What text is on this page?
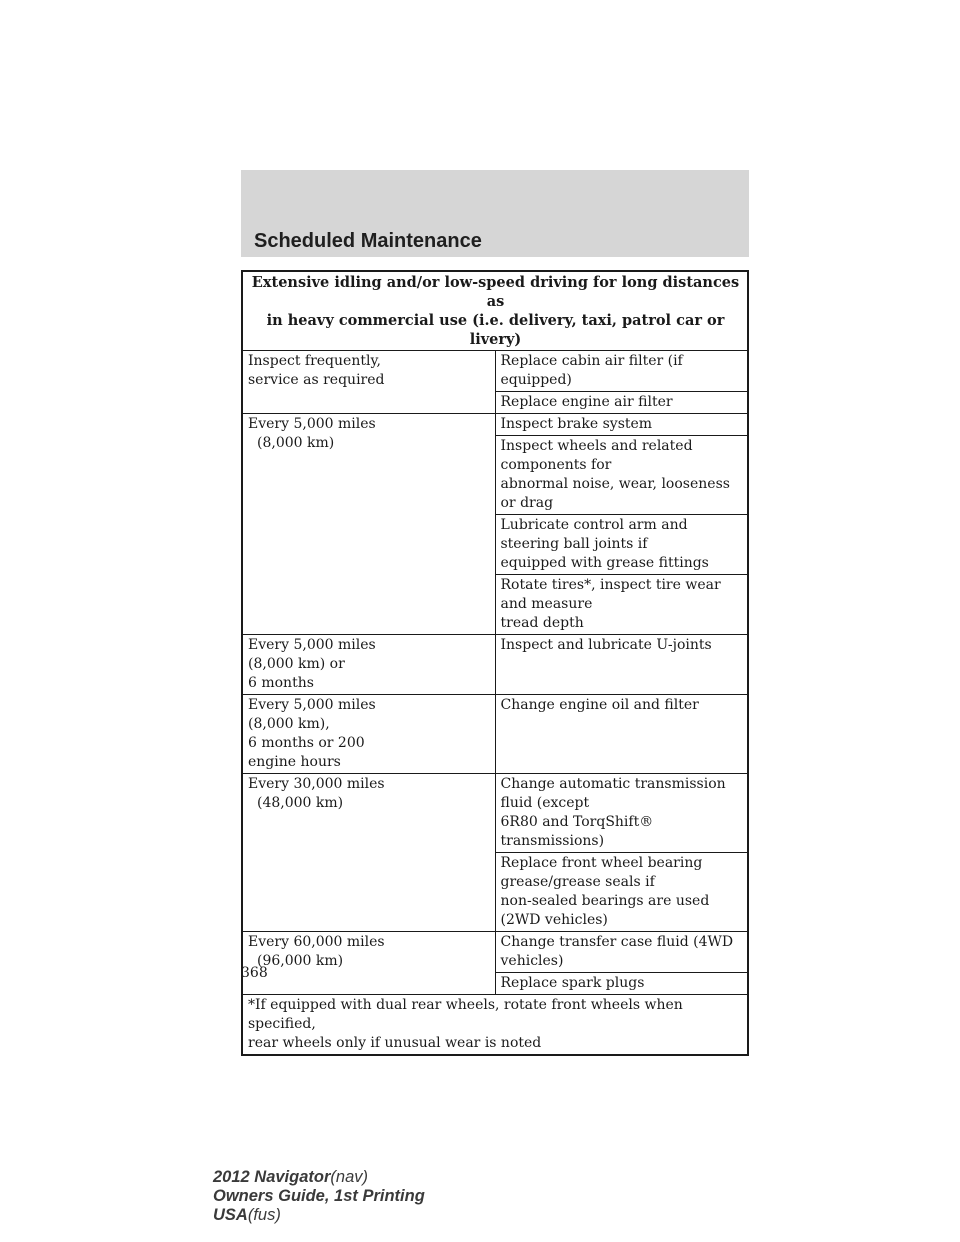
Scheduled Maintenance
Extensive idling and/or low-speed driving for long distances as
in heavy commercial use (i.e. delivery, taxi, patrol car or livery)	
Inspect frequently,
service as required	Replace cabin air filter (if equipped)
	Replace engine air filter
Every 5,000 miles

(8,000 km)	Inspect brake system
	Inspect wheels and related components for
abnormal noise, wear, looseness or drag
	Lubricate control arm and steering ball joints if
equipped with grease fittings
	Rotate tires*, inspect tire wear and measure
tread depth
Every 5,000 miles
(8,000 km) or
6 months	Inspect and lubricate U-joints
Every 5,000 miles
(8,000 km),
6 months or 200
engine hours	Change engine oil and filter
Every 30,000 miles

(48,000 km)	Change automatic transmission fluid (except
6R80 and TorqShift® transmissions)
	Replace front wheel bearing grease/grease seals if
non-sealed bearings are used (2WD vehicles)
Every 60,000 miles

(96,000 km)	Change transfer case fluid (4WD vehicles)
	Replace spark plugs
*If equipped with dual rear wheels, rotate front wheels when specified,
rear wheels only if unusual wear is noted	
368
2012 Navigator(nav)
Owners Guide, 1st Printing
USA(fus)
